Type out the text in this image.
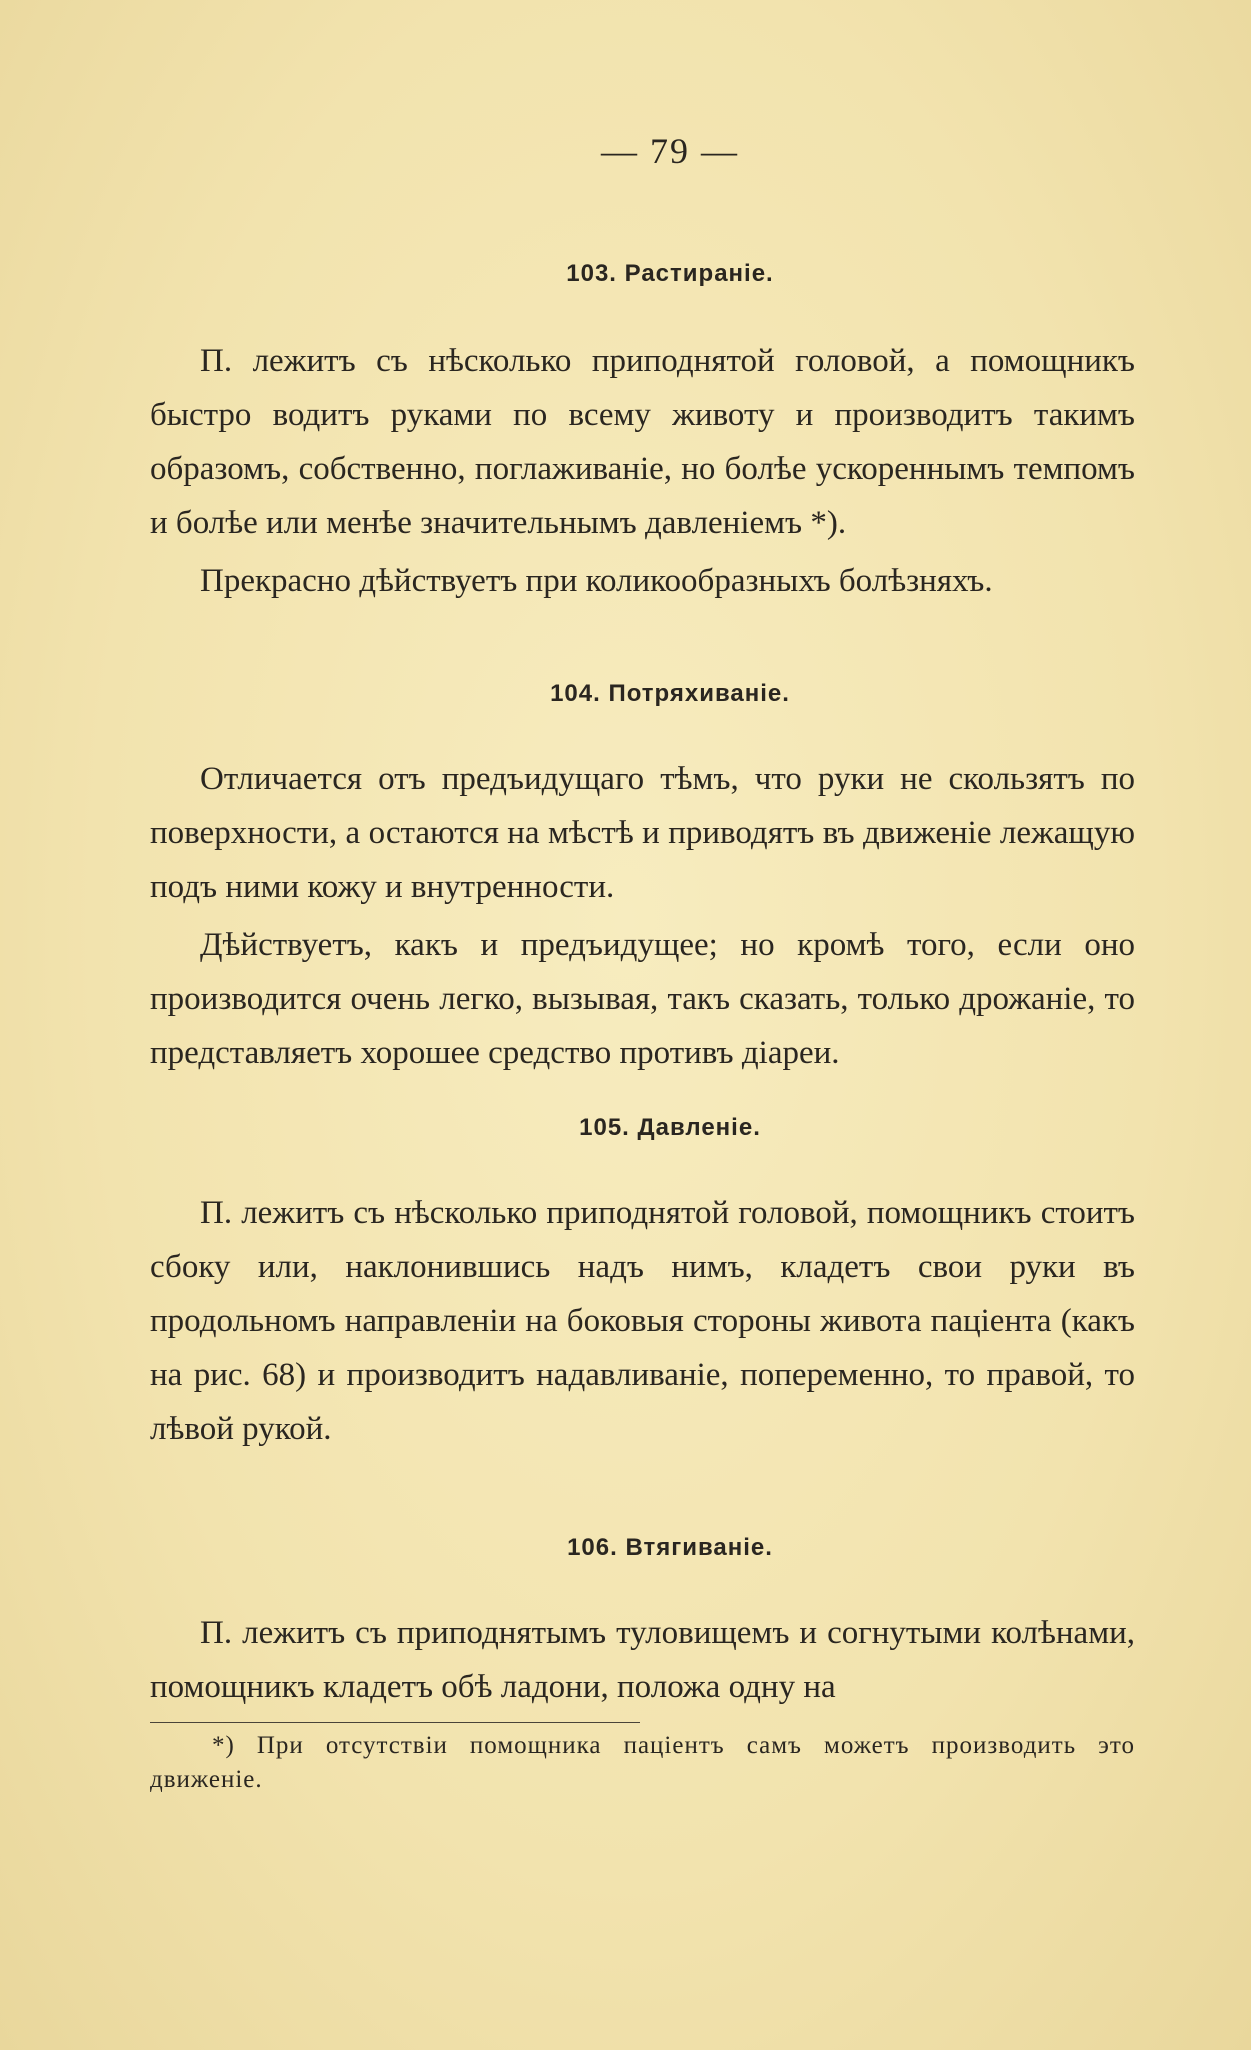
— 79 —
103. Растираніе.

П. лежитъ съ нѣсколько приподнятой головой, а помощникъ быстро водитъ руками по всему животу и производитъ такимъ образомъ, собственно, поглаживаніе, но болѣе ускореннымъ темпомъ и болѣе или менѣе значительнымъ давленіемъ *).

Прекрасно дѣйствуетъ при коликообразныхъ болѣзняхъ.

104. Потряхиваніе.

Отличается отъ предъидущаго тѣмъ, что руки не скользятъ по поверхности, а остаются на мѣстѣ и приводятъ въ движеніе лежащую подъ ними кожу и внутренности.

Дѣйствуетъ, какъ и предъидущее; но кромѣ того, если оно производится очень легко, вызывая, такъ сказать, только дрожаніе, то представляетъ хорошее средство противъ діареи.

105. Давленіе.

П. лежитъ съ нѣсколько приподнятой головой, помощникъ стоитъ сбоку или, наклонившись надъ нимъ, кладетъ свои руки въ продольномъ направленіи на боковыя стороны живота паціента (какъ на рис. 68) и производитъ надавливаніе, попеременно, то правой, то лѣвой рукой.

106. Втягиваніе.

П. лежитъ съ приподнятымъ туловищемъ и согнутыми колѣнами, помощникъ кладетъ обѣ ладони, положа одну на

*) При отсутствіи помощника паціентъ самъ можетъ производить это движеніе.
